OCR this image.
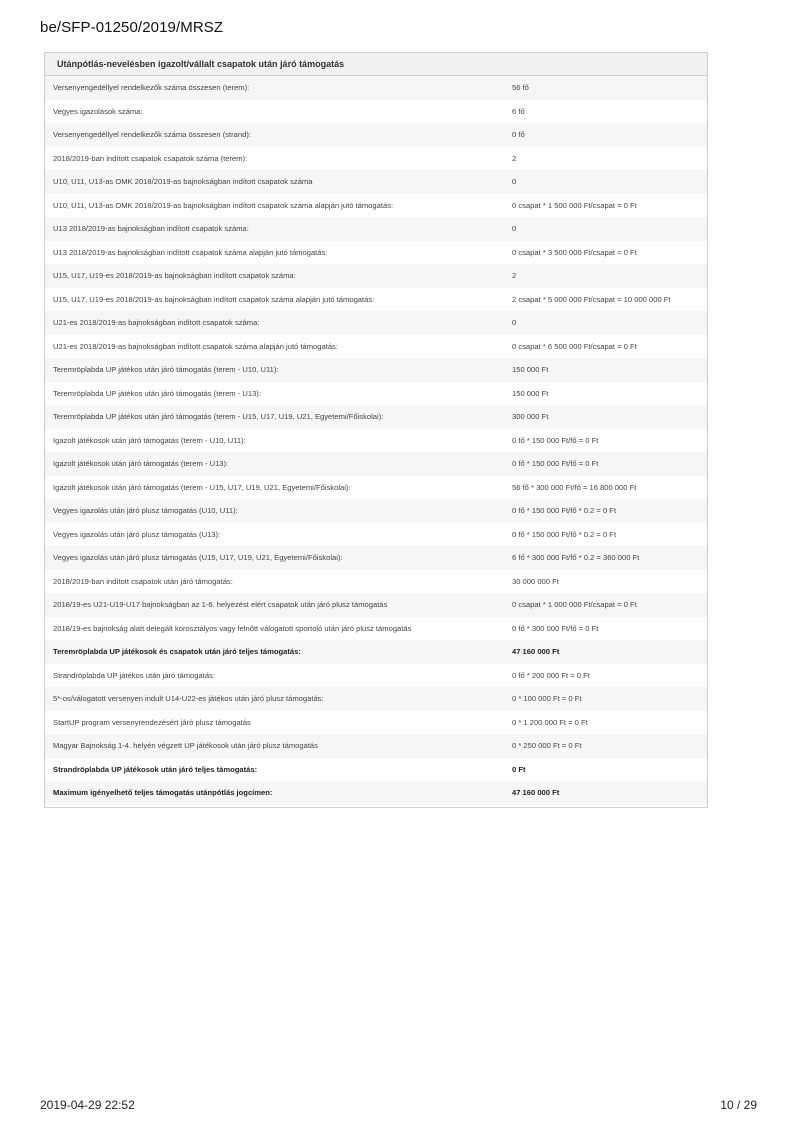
be/SFP-01250/2019/MRSZ
Utánpótlás-nevelésben igazolt/vállalt csapatok után járó támogatás
Versenyengedéllyel rendelkezők száma összesen (terem):	56 fő
Vegyes igazolások száma:	6 fő
Versenyengedéllyel rendelkezők száma összesen (strand):	0 fő
2018/2019-ban indított csapatok csapatok száma (terem):	2
U10, U11, U13-as OMK 2018/2019-as bajnokságban indított csapatok száma	0
U10, U11, U13-as OMK 2018/2019-as bajnokságban indított csapatok száma alapján jutó támogatás:	0 csapat * 1 500 000 Ft/csapat = 0 Ft
U13 2018/2019-as bajnokságban indított csapatok száma:	0
U13 2018/2019-as bajnokságban indított csapatok száma alapján jutó támogatás:	0 csapat * 3 500 000 Ft/csapat = 0 Ft
U15, U17, U19-es 2018/2019-as bajnokságban indított csapatok száma:	2
U15, U17, U19-es 2018/2019-as bajnokságban indított csapatok száma alapján jutó támogatás:	2 csapat * 5 000 000 Ft/csapat = 10 000 000 Ft
U21-es 2018/2019-as bajnokságban indított csapatok száma:	0
U21-es 2018/2019-as bajnokságban indított csapatok száma alapján jutó támogatás:	0 csapat * 6 500 000 Ft/csapat = 0 Ft
Teremröplabda UP játékos után járó támogatás (terem - U10, U11):	150 000 Ft
Teremröplabda UP játékos után járó támogatás (terem - U13):	150 000 Ft
Teremröplabda UP játékos után járó támogatás (terem - U15, U17, U19, U21, Egyetemi/Főiskolai):	300 000 Ft
Igazolt játékosok után járó támogatás (terem - U10, U11):	0 fő * 150 000 Ft/fő = 0 Ft
Igazolt játékosok után járó támogatás (terem - U13):	0 fő * 150 000 Ft/fő = 0 Ft
Igazolt játékosok után járó támogatás (terem - U15, U17, U19, U21, Egyetemi/Főiskolai):	56 fő * 300 000 Ft/fő = 16 800 000 Ft
Vegyes igazolás után járó plusz támogatás (U10, U11):	0 fő * 150 000 Ft/fő * 0.2 = 0 Ft
Vegyes igazolás után járó plusz támogatás (U13):	0 fő * 150 000 Ft/fő * 0.2 = 0 Ft
Vegyes igazolás után járó plusz támogatás (U15, U17, U19, U21, Egyetemi/Főiskolai):	6 fő * 300 000 Ft/fő * 0.2 = 360 000 Ft
2018/2019-ban indított csapatok után járó támogatás:	30 000 000 Ft
2018/19-es U21-U19-U17 bajnokságban az 1-6. helyezést elért csapatok után járó plusz támogatás	0 csapat * 1 000 000 Ft/csapat = 0 Ft
2018/19-es bajnokság alatt delegált korosztályos vagy felnőtt válogatott sportoló után járó plusz támogatás	0 fő * 300 000 Ft/fő = 0 Ft
Teremröplabda UP játékosok és csapatok után járó teljes támogatás:	47 160 000 Ft
Strandröplabda UP játékos után járó támogatás:	0 fő * 200 000 Ft = 0 Ft
5*-os/válogatott versenyen indult U14-U22-es játékos után járó plusz támogatás:	0 * 100 000 Ft = 0 Ft
StartUP program versenyrendezésért járó plusz támogatás	0 * 1 200 000 Ft = 0 Ft
Magyar Bajnokság 1-4. helyén végzett UP játékosok után járó plusz támogatás	0 * 250 000 Ft = 0 Ft
Strandröplabda UP játékosok után járó teljes támogatás:	0 Ft
Maximum igényelhető teljes támogatás utánpótlás jogcímen:	47 160 000 Ft
2019-04-29 22:52	10 / 29
